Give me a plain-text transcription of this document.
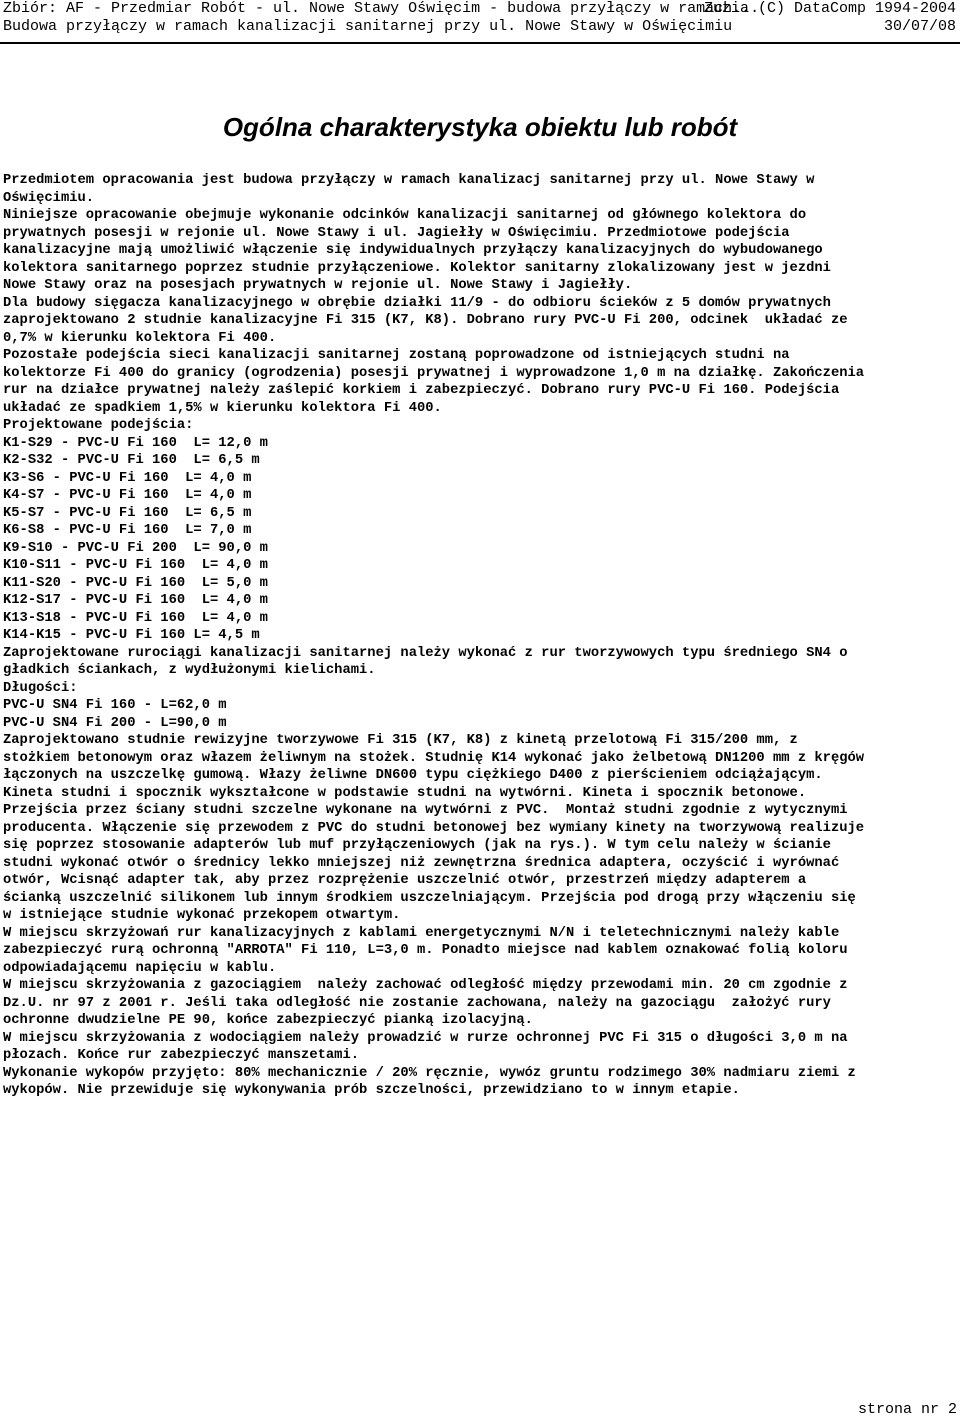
Zbiór: AF - Przedmiar Robót - ul. Nowe Stawy Oświęcim - budowa przyłączy w ramach...
Zuzia (C) DataComp 1994-2004
Budowa przyłączy w ramach kanalizacji sanitarnej przy ul. Nowe Stawy w Oświęcimiu	30/07/08
Ogólna charakterystyka obiektu lub robót
Przedmiotem opracowania jest budowa przyłączy w ramach kanalizacj sanitarnej przy ul. Nowe Stawy w
Oświęcimiu.
Niniejsze opracowanie obejmuje wykonanie odcinków kanalizacji sanitarnej od głównego kolektora do
prywatnych posesji w rejonie ul. Nowe Stawy i ul. Jagiełły w Oświęcimiu. Przedmiotowe podejścia
kanalizacyjne mają umożliwić włączenie się indywidualnych przyłączy kanalizacyjnych do wybudowanego
kolektora sanitarnego poprzez studnie przyłączeniowe. Kolektor sanitarny zlokalizowany jest w jezdni
Nowe Stawy oraz na posesjach prywatnych w rejonie ul. Nowe Stawy i Jagiełły.
Dla budowy sięgacza kanalizacyjnego w obrębie działki 11/9 - do odbioru ścieków z 5 domów prywatnych
zaprojektowano 2 studnie kanalizacyjne Fi 315 (K7, K8). Dobrano rury PVC-U Fi 200, odcinek  układać ze
0,7% w kierunku kolektora Fi 400.
Pozostałe podejścia sieci kanalizacji sanitarnej zostaną poprowadzone od istniejących studni na
kolektorze Fi 400 do granicy (ogrodzenia) posesji prywatnej i wyprowadzone 1,0 m na działkę. Zakończenia
rur na działce prywatnej należy zaślepić korkiem i zabezpieczyć. Dobrano rury PVC-U Fi 160. Podejścia
układać ze spadkiem 1,5% w kierunku kolektora Fi 400.
Projektowane podejścia:
K1-S29 - PVC-U Fi 160  L= 12,0 m
K2-S32 - PVC-U Fi 160  L= 6,5 m
K3-S6 - PVC-U Fi 160  L= 4,0 m
K4-S7 - PVC-U Fi 160  L= 4,0 m
K5-S7 - PVC-U Fi 160  L= 6,5 m
K6-S8 - PVC-U Fi 160  L= 7,0 m
K9-S10 - PVC-U Fi 200  L= 90,0 m
K10-S11 - PVC-U Fi 160  L= 4,0 m
K11-S20 - PVC-U Fi 160  L= 5,0 m
K12-S17 - PVC-U Fi 160  L= 4,0 m
K13-S18 - PVC-U Fi 160  L= 4,0 m
K14-K15 - PVC-U Fi 160 L= 4,5 m
Zaprojektowane rurociągi kanalizacji sanitarnej należy wykonać z rur tworzywowych typu średniego SN4 o
gładkich ściankach, z wydłużonymi kielichami.
Długości:
PVC-U SN4 Fi 160 - L=62,0 m
PVC-U SN4 Fi 200 - L=90,0 m
Zaprojektowano studnie rewizyjne tworzywowe Fi 315 (K7, K8) z kinetą przelotową Fi 315/200 mm, z
stożkiem betonowym oraz włazem żeliwnym na stożek. Studnię K14 wykonać jako żelbetową DN1200 mm z kręgów
łączonych na uszczelkę gumową. Włazy żeliwne DN600 typu ciężkiego D400 z pierścieniem odciążającym.
Kineta studni i spocznik wykształcone w podstawie studni na wytwórni. Kineta i spocznik betonowe.
Przejścia przez ściany studni szczelne wykonane na wytwórni z PVC.  Montaż studni zgodnie z wytycznymi
producenta. Włączenie się przewodem z PVC do studni betonowej bez wymiany kinety na tworzywową realizuje
się poprzez stosowanie adapterów lub muf przyłączeniowych (jak na rys.). W tym celu należy w ścianie
studni wykonać otwór o średnicy lekko mniejszej niż zewnętrzna średnica adaptera, oczyścić i wyrównać
otwór, Wcisnąć adapter tak, aby przez rozprężenie uszczelnić otwór, przestrzeń między adapterem a
ścianką uszczelnić silikonem lub innym środkiem uszczelniającym. Przejścia pod drogą przy włączeniu się
w istniejące studnie wykonać przekopem otwartym.
W miejscu skrzyżowań rur kanalizacyjnych z kablami energetycznymi N/N i teletechnicznymi należy kable
zabezpieczyć rurą ochronną "ARROTA" Fi 110, L=3,0 m. Ponadto miejsce nad kablem oznakować folią koloru
odpowiadającemu napięciu w kablu.
W miejscu skrzyżowania z gazociągiem  należy zachować odległość między przewodami min. 20 cm zgodnie z
Dz.U. nr 97 z 2001 r. Jeśli taka odległość nie zostanie zachowana, należy na gazociągu  założyć rury
ochronne dwudzielne PE 90, końce zabezpieczyć pianką izolacyjną.
W miejscu skrzyżowania z wodociągiem należy prowadzić w rurze ochronnej PVC Fi 315 o długości 3,0 m na
płozach. Końce rur zabezpieczyć manszetami.
Wykonanie wykopów przyjęto: 80% mechanicznie / 20% ręcznie, wywóz gruntu rodzimego 30% nadmiaru ziemi z
wykopów. Nie przewiduje się wykonywania prób szczelności, przewidziano to w innym etapie.
strona nr 2
